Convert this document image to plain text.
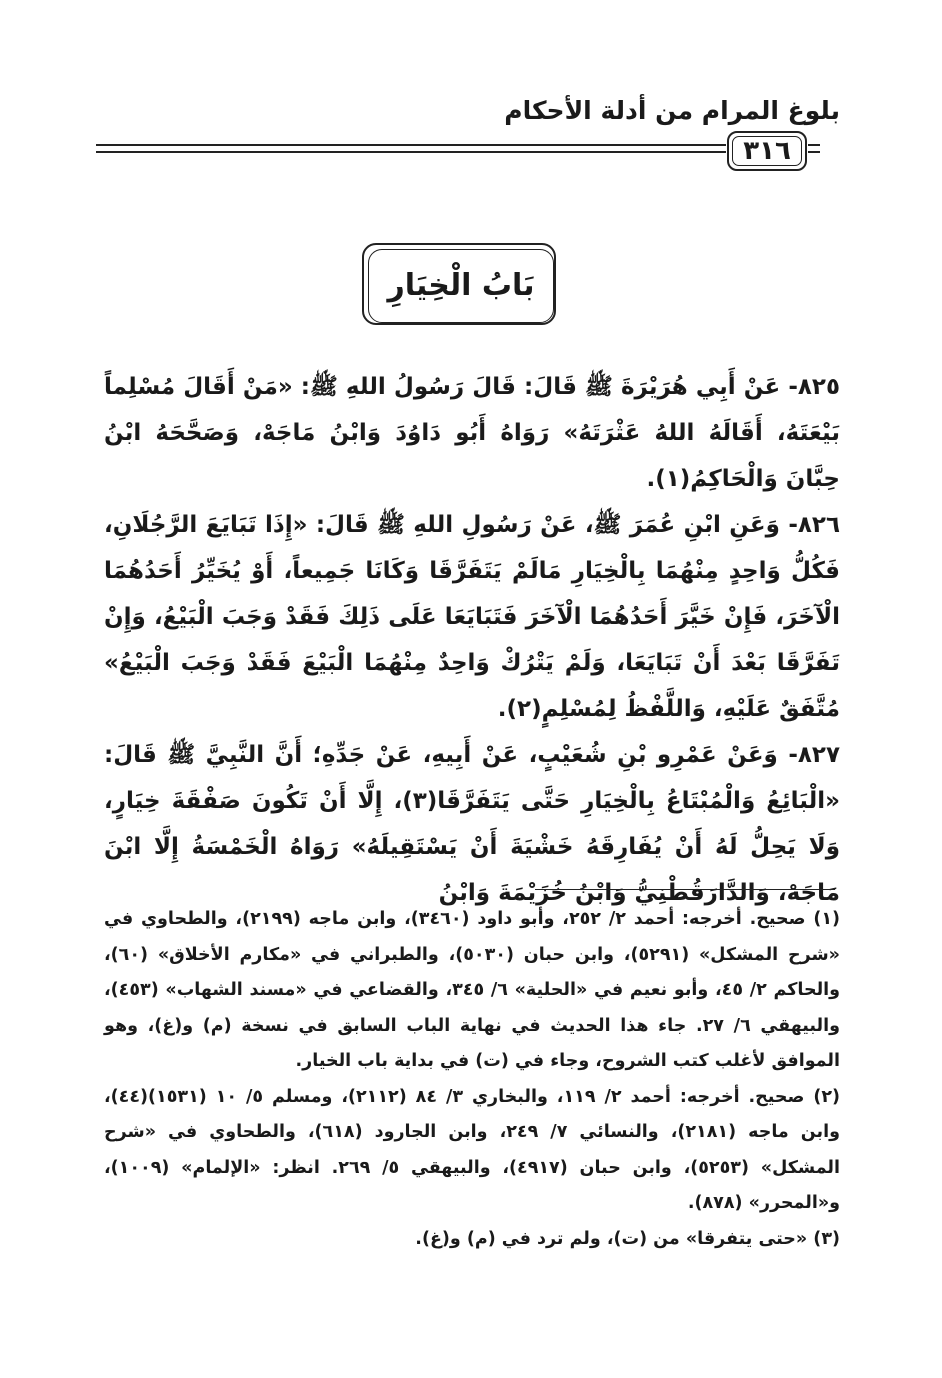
بلوغ المرام من أدلة الأحكام
٣١٦
بَابُ الْخِيَارِ

٨٢٥- عَنْ أَبِي هُرَيْرَةَ ﷺ قَالَ: قَالَ رَسُولُ اللهِ ﷺ: «مَنْ أَقَالَ مُسْلِماً بَيْعَتَهُ، أَقَالَهُ اللهُ عَثْرَتَهُ» رَوَاهُ أَبُو دَاوُدَ وَابْنُ مَاجَهْ، وَصَحَّحَهُ ابْنُ حِبَّانَ وَالْحَاكِمُ(١).

٨٢٦- وَعَنِ ابْنِ عُمَرَ ﷺ، عَنْ رَسُولِ اللهِ ﷺ قَالَ: «إِذَا تَبَايَعَ الرَّجُلَانِ، فَكُلُّ وَاحِدٍ مِنْهُمَا بِالْخِيَارِ مَالَمْ يَتَفَرَّقَا وَكَانَا جَمِيعاً، أَوْ يُخَيِّرُ أَحَدُهُمَا الْآخَرَ، فَإِنْ خَيَّرَ أَحَدُهُمَا الْآخَرَ فَتَبَايَعَا عَلَى ذَلِكَ فَقَدْ وَجَبَ الْبَيْعُ، وَإِنْ تَفَرَّقَا بَعْدَ أَنْ تَبَايَعَا، وَلَمْ يَتْرُكْ وَاحِدٌ مِنْهُمَا الْبَيْعَ فَقَدْ وَجَبَ الْبَيْعُ» مُتَّفَقٌ عَلَيْهِ، وَاللَّفْظُ لِمُسْلِمٍ(٢).

٨٢٧- وَعَنْ عَمْرِو بْنِ شُعَيْبٍ، عَنْ أَبِيهِ، عَنْ جَدِّهِ؛ أَنَّ النَّبِيَّ ﷺ قَالَ: «الْبَائِعُ وَالْمُبْتَاعُ بِالْخِيَارِ حَتَّى يَتَفَرَّقَا(٣)، إِلَّا أَنْ تَكُونَ صَفْقَةَ خِيَارٍ، وَلَا يَحِلُّ لَهُ أَنْ يُفَارِقَهُ خَشْيَةَ أَنْ يَسْتَقِيلَهُ» رَوَاهُ الْخَمْسَةُ إِلَّا ابْنَ مَاجَهْ، وَالدَّارَقُطْنِيُّ وَابْنُ خُزَيْمَةَ وَابْنُ

(١) صحيح. أخرجه: أحمد ٢/ ٢٥٢، وأبو داود (٣٤٦٠)، وابن ماجه (٢١٩٩)، والطحاوي في «شرح المشكل» (٥٢٩١)، وابن حبان (٥٠٣٠)، والطبراني في «مكارم الأخلاق» (٦٠)، والحاكم ٢/ ٤٥، وأبو نعيم في «الحلية» ٦/ ٣٤٥، والقضاعي في «مسند الشهاب» (٤٥٣)، والبيهقي ٦/ ٢٧. جاء هذا الحديث في نهاية الباب السابق في نسخة (م) و(غ)، وهو الموافق لأغلب كتب الشروح، وجاء في (ت) في بداية باب الخيار.

(٢) صحيح. أخرجه: أحمد ٢/ ١١٩، والبخاري ٣/ ٨٤ (٢١١٢)، ومسلم ٥/ ١٠ (١٥٣١)(٤٤)، وابن ماجه (٢١٨١)، والنسائي ٧/ ٢٤٩، وابن الجارود (٦١٨)، والطحاوي في «شرح المشكل» (٥٢٥٣)، وابن حبان (٤٩١٧)، والبيهقي ٥/ ٢٦٩. انظر: «الإلمام» (١٠٠٩)، و«المحرر» (٨٧٨).

(٣) «حتى يتفرقا» من (ت)، ولم ترد في (م) و(غ).
